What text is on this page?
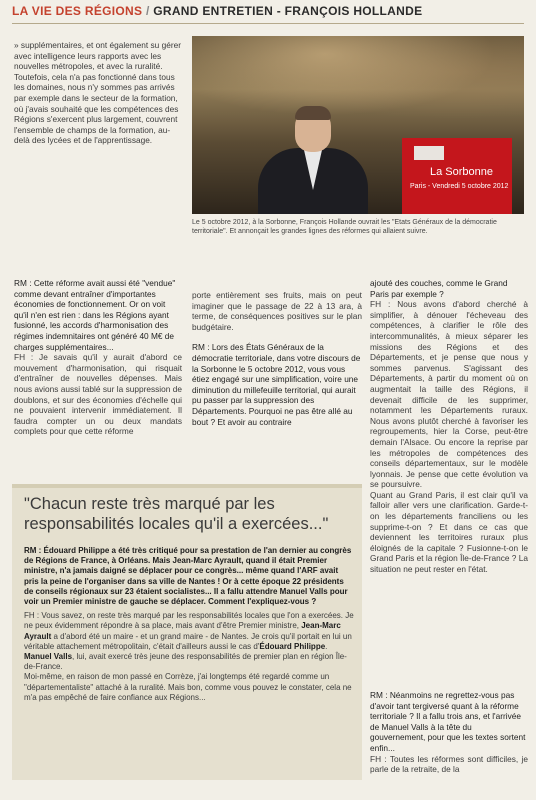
LA VIE DES RÉGIONS / GRAND ENTRETIEN - FRANÇOIS HOLLANDE

» supplémentaires, et ont également su gérer avec intelligence leurs rapports avec les nouvelles métropoles, et avec la ruralité.

Toutefois, cela n'a pas fonctionné dans tous les domaines, nous n'y sommes pas arrivés par exemple dans le secteur de la formation, où j'avais souhaité que les compétences des Régions s'exercent plus largement, couvrent l'ensemble de champs de la formation, au-delà des lycées et de l'apprentissage.

La Sorbonne
Paris - Vendredi 5 octobre 2012
Le 5 octobre 2012, à la Sorbonne, François Hollande ouvrait les "Etats Généraux de la démocratie territoriale". Et annonçait les grandes lignes des réformes qui allaient suivre.

RM : Cette réforme avait aussi été "vendue" comme devant entraîner d'importantes économies de fonctionnement. Or on voit qu'il n'en est rien : dans les Régions ayant fusionné, les accords d'harmonisation des régimes indemnitaires ont généré 40 M€ de charges supplémentaires...

FH : Je savais qu'il y aurait d'abord ce mouvement d'harmonisation, qui risquait d'entraîner de nouvelles dépenses. Mais nous avions aussi tablé sur la suppression de doublons, et sur des économies d'échelle qui ne pouvaient intervenir immédiatement. Il faudra compter un ou deux mandats complets pour que cette réforme

porte entièrement ses fruits, mais on peut imaginer que le passage de 22 à 13 ara, à terme, de conséquences positives sur le plan budgétaire.

RM : Lors des États Généraux de la démocratie territoriale, dans votre discours de la Sorbonne le 5 octobre 2012, vous vous étiez engagé sur une simplification, voire une diminution du millefeuille territorial, qui aurait pu passer par la suppression des Départements. Pourquoi ne pas être allé au bout ? Et avoir au contraire

ajouté des couches, comme le Grand Paris par exemple ?

FH : Nous avons d'abord cherché à simplifier, à dénouer l'écheveau des compétences, à clarifier le rôle des intercommunalités, à mieux séparer les missions des Régions et des Départements, et je pense que nous y sommes parvenus. S'agissant des Départements, à partir du moment où on augmentait la taille des Régions, il devenait difficile de les supprimer, notamment les Départements ruraux. Nous avons plutôt cherché à favoriser les regroupements, hier la Corse, peut-être demain l'Alsace. Ou encore la reprise par les métropoles de compétences des conseils départementaux, sur le modèle lyonnais. Je pense que cette évolution va se poursuivre.

Quant au Grand Paris, il est clair qu'il va falloir aller vers une clarification. Garde-t-on les départements franciliens ou les supprime-t-on ? Et dans ce cas que deviennent les territoires ruraux plus éloignés de la capitale ? Fusionne-t-on le Grand Paris et la région Île-de-France ? La situation ne peut rester en l'état.

RM : Néanmoins ne regrettez-vous pas d'avoir tant tergiversé quant à la réforme territoriale ? Il a fallu trois ans, et l'arrivée de Manuel Valls à la tête du gouvernement, pour que les textes sortent enfin...

FH : Toutes les réformes sont difficiles, je parle de la retraite, de la

"Chacun reste très marqué par les responsabilités locales qu'il a exercées..."

RM : Édouard Philippe a été très critiqué pour sa prestation de l'an dernier au congrès de Régions de France, à Orléans. Mais Jean-Marc Ayrault, quand il était Premier ministre, n'a jamais daigné se déplacer pour ce congrès... même quand l'ARF avait pris la peine de l'organiser dans sa ville de Nantes ! Or à cette époque 22 présidents de conseils régionaux sur 23 étaient socialistes... Il a fallu attendre Manuel Valls pour voir un Premier ministre de gauche se déplacer. Comment l'expliquez-vous ?

FH : Vous savez, on reste très marqué par les responsabilités locales que l'on a exercées. Je ne peux évidemment répondre à sa place, mais avant d'être Premier ministre, Jean-Marc Ayrault a d'abord été un maire - et un grand maire - de Nantes. Je crois qu'il portait en lui un véritable attachement métropolitain, c'était d'ailleurs aussi le cas d'Édouard Philippe. Manuel Valls, lui, avait exercé très jeune des responsabilités de premier plan en région Île-de-France.

Moi-même, en raison de mon passé en Corrèze, j'ai longtemps été regardé comme un "départementaliste" attaché à la ruralité. Mais bon, comme vous pouvez le constater, cela ne m'a pas empêché de faire confiance aux Régions...
